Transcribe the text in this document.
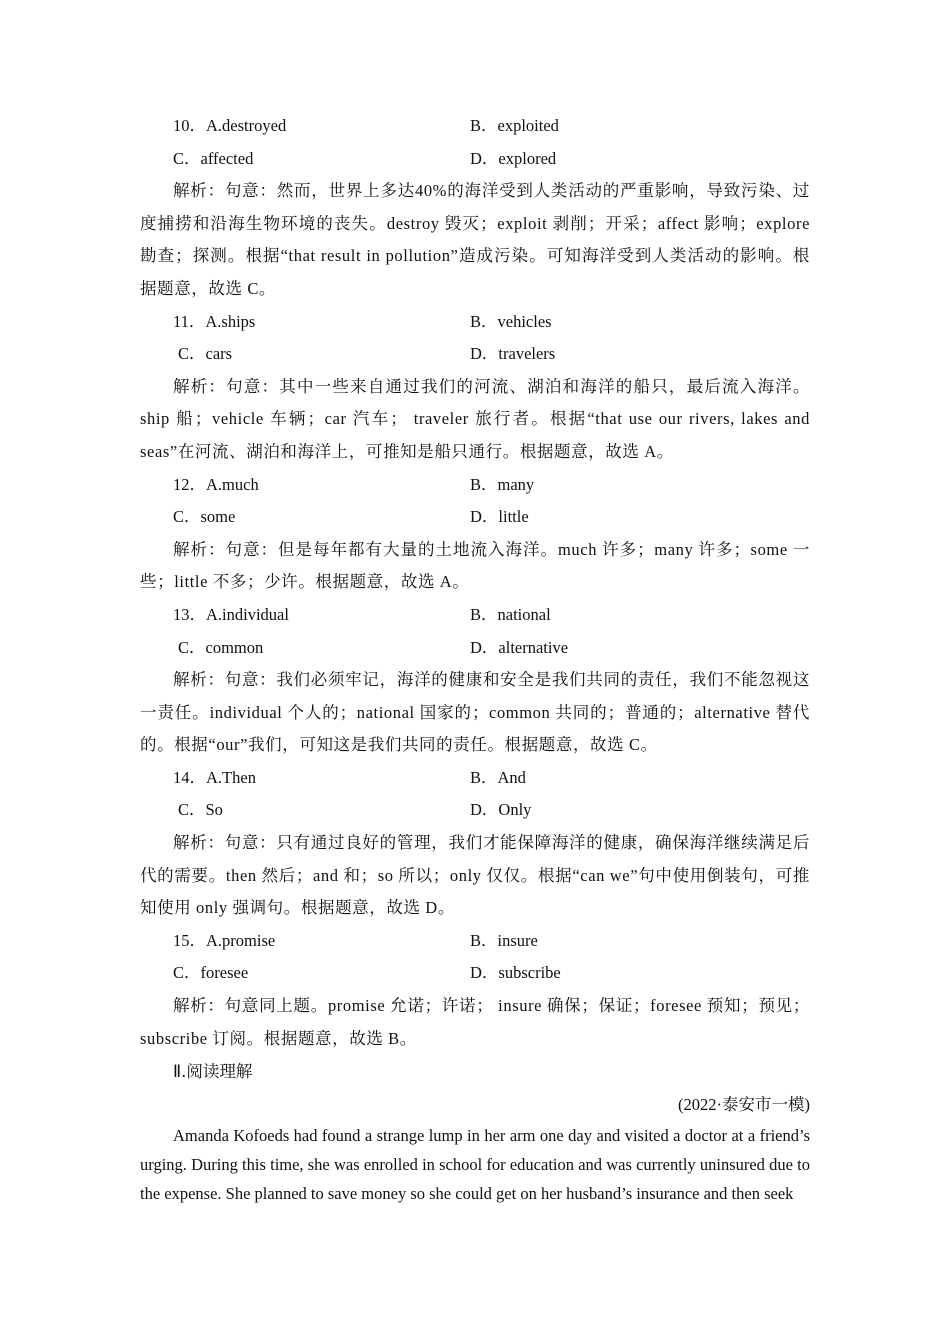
10．A.destroyed	B．exploited
C．affected	D．explored

解析：句意：然而，世界上多达40%的海洋受到人类活动的严重影响，导致污染、过度捕捞和沿海生物环境的丧失。destroy 毁灭；exploit 剥削；开采；affect 影响；explore 勘查；探测。根据“that result in pollution”造成污染。可知海洋受到人类活动的影响。根据题意，故选 C。

11．A.ships	B．vehicles
C．cars	D．travelers

解析：句意：其中一些来自通过我们的河流、湖泊和海洋的船只，最后流入海洋。ship 船；vehicle 车辆；car 汽车； traveler 旅行者。根据“that use our rivers, lakes and seas”在河流、湖泊和海洋上，可推知是船只通行。根据题意，故选 A。

12．A.much	B．many
C．some	D．little

解析：句意：但是每年都有大量的土地流入海洋。much 许多；many 许多；some 一些；little 不多；少许。根据题意，故选 A。

13．A.individual	B．national
C．common	D．alternative

解析：句意：我们必须牢记，海洋的健康和安全是我们共同的责任，我们不能忽视这一责任。individual 个人的；national 国家的；common 共同的；普通的；alternative 替代的。根据“our”我们，可知这是我们共同的责任。根据题意，故选 C。

14．A.Then	B．And
C．So	D．Only

解析：句意：只有通过良好的管理，我们才能保障海洋的健康，确保海洋继续满足后代的需要。then 然后；and 和；so 所以；only 仅仅。根据“can we”句中使用倒装句，可推知使用 only 强调句。根据题意，故选 D。

15．A.promise	B．insure
C．foresee	D．subscribe

解析：句意同上题。promise 允诺；许诺； insure 确保；保证；foresee 预知；预见；subscribe 订阅。根据题意，故选 B。

Ⅱ.阅读理解
(2022·泰安市一模)

Amanda Kofoeds had found a strange lump in her arm one day and visited a doctor at a friend’s urging. During this time, she was enrolled in school for education and was currently uninsured due to the expense. She planned to save money so she could get on her husband’s insurance and then seek
